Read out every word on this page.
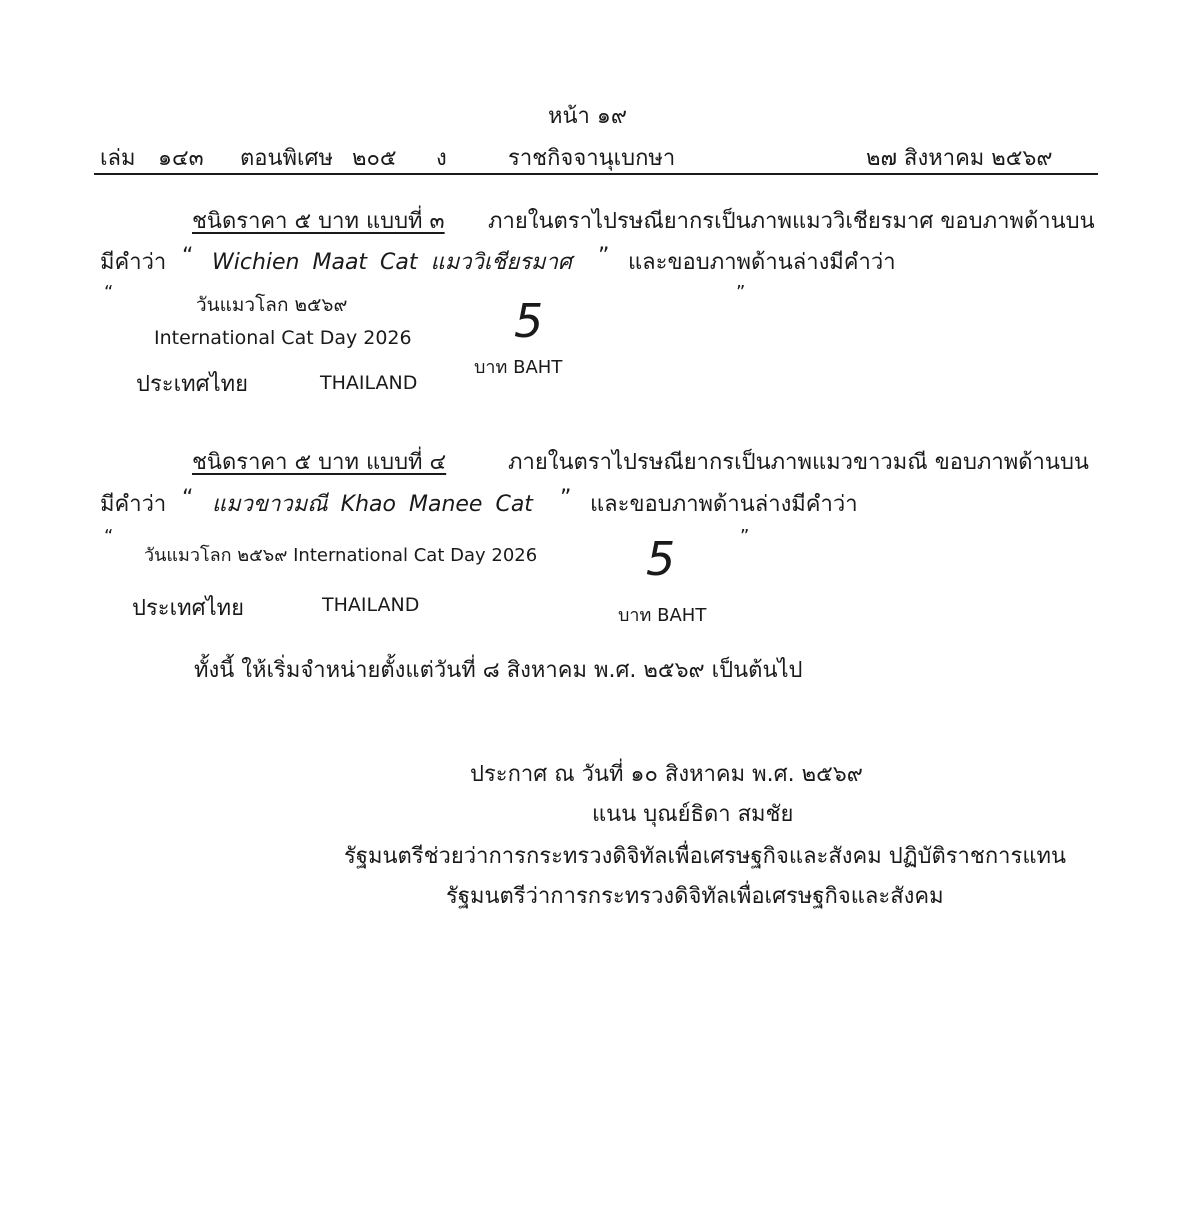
หน้า ๑๙
เล่ม ๑๔๓ ตอนพิเศษ ๒๐๕ ง	ราชกิจจานุเบกษา	๒๗ สิงหาคม ๒๕๖๙
ชนิดราคา ๕ บาท แบบที่ ๓ ภายในตราไปรษณียากรเป็นภาพแมววิเชียรมาศ ขอบภาพด้านบน
มีคำว่า “ Wichien Maat Cat แมววิเชียรมาศ ” และขอบภาพด้านล่างมีคำว่า
“
วันแมวโลก ๒๕๖๙
International Cat Day 2026 5
บาท BAHT
”
ประเทศไทย	THAILAND
ชนิดราคา ๕ บาท แบบที่ ๔	ภายในตราไปรษณียากรเป็นภาพแมวขาวมณี ขอบภาพด้านบน
มีคำว่า “ แมวขาวมณี Khao Manee Cat ” และขอบภาพด้านล่างมีคำว่า
“
วันแมวโลก ๒๕๖๙ International Cat Day 2026 5	”
ประเทศไทย	THAILAND	บาท BAHT
ทั้งนี้ ให้เริ่มจำหน่ายตั้งแต่วันที่ ๘ สิงหาคม พ.ศ. ๒๕๖๙ เป็นต้นไป
ประกาศ ณ วันที่ ๑๐ สิงหาคม พ.ศ. ๒๕๖๙
แนน บุณย์ธิดา สมชัย
รัฐมนตรีช่วยว่าการกระทรวงดิจิทัลเพื่อเศรษฐกิจและสังคม ปฏิบัติราชการแทน
รัฐมนตรีว่าการกระทรวงดิจิทัลเพื่อเศรษฐกิจและสังคม
